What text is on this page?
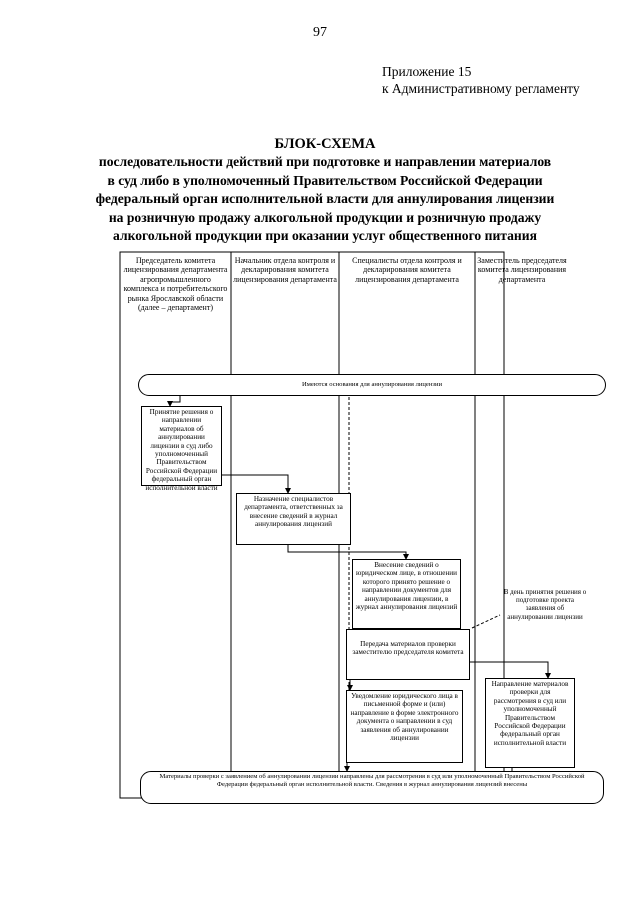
97
Приложение 15
к Административному регламенту
БЛОК-СХЕМА
последовательности действий при подготовке и направлении материалов в суд либо в уполномоченный Правительством Российской Федерации федеральный орган исполнительной власти для аннулирования лицензии на розничную продажу алкогольной продукции и розничную продажу алкогольной продукции при оказании услуг общественного питания
Председатель комитета лицензирования департамента агропромышленного комплекса и потребительского рынка Ярославской области (далее – департамент)
Начальник отдела контроля и декларирования комитета лицензирования департамента
Специалисты отдела контроля и декларирования комитета лицензирования департамента
Заместитель председателя комитета лицензирования департамента
Имеются основания для аннулирования лицензии
Принятие решения о направлении материалов об аннулировании лицензии в суд либо уполномоченный Правительством Российской Федерации федеральный орган исполнительной власти
Назначение специалистов департамента, ответственных за внесение сведений в журнал аннулирования лицензий
Внесение сведений о юридическом лице, в отношении которого принято решение о направлении документов для аннулирования лицензии, в журнал аннулирования лицензий
В день принятия решения о подготовке проекта заявления об аннулировании лицензии
Передача материалов проверки заместителю председателя комитета
Уведомление юридического лица в письменной форме и (или) направление в форме электронного документа о направлении в суд заявления об аннулировании лицензии
Направление материалов проверки для рассмотрения в суд или уполномоченный Правительством Российской Федерации федеральный орган исполнительной власти
Материалы проверки с заявлением об аннулировании лицензии направлены для рассмотрения в суд или уполномоченный Правительством Российской Федерации федеральный орган исполнительной власти. Сведения в журнал аннулирования лицензий внесены
